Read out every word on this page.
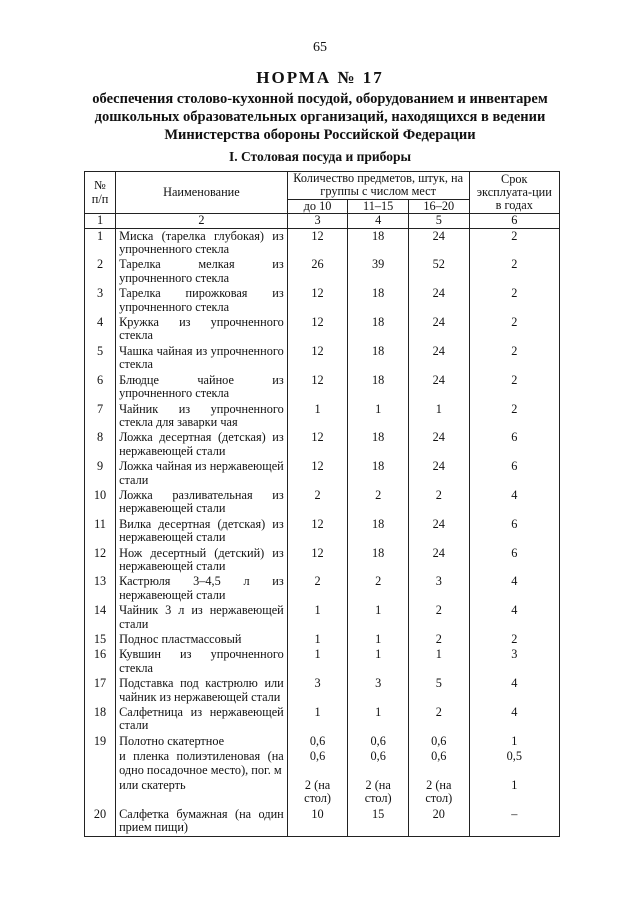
65
НОРМА № 17
обеспечения столово-кухонной посудой, оборудованием и инвентарем дошкольных образовательных организаций, находящихся в ведении Министерства обороны Российской Федерации
I. Столовая посуда и приборы
№ п/п	Наименование	Количество предметов, штук, на группы с числом мест			Срок эксплуата-ции в годах
		до 10	11–15	16–20	
1	2	3	4	5	6
1	Миска (тарелка глубокая) из упрочненного стекла	12	18	24	2
2	Тарелка мелкая из упрочненного стекла	26	39	52	2
3	Тарелка пирожковая из упрочненного стекла	12	18	24	2
4	Кружка из упрочненного стекла	12	18	24	2
5	Чашка чайная из упрочненного стекла	12	18	24	2
6	Блюдце чайное из упрочненного стекла	12	18	24	2
7	Чайник из упрочненного стекла для заварки чая	1	1	1	2
8	Ложка десертная (детская) из нержавеющей стали	12	18	24	6
9	Ложка чайная из нержавеющей стали	12	18	24	6
10	Ложка разливательная из нержавеющей стали	2	2	2	4
11	Вилка десертная (детская) из нержавеющей стали	12	18	24	6
12	Нож десертный (детский) из нержавеющей стали	12	18	24	6
13	Кастрюля 3–4,5 л из нержавеющей стали	2	2	3	4
14	Чайник 3 л из нержавеющей стали	1	1	2	4
15	Поднос пластмассовый	1	1	2	2
16	Кувшин из упрочненного стекла	1	1	1	3
17	Подставка под кастрюлю или чайник из нержавеющей стали	3	3	5	4
18	Салфетница из нержавеющей стали	1	1	2	4
19	Полотно скатертное	0,6	0,6	0,6	1
	и пленка полиэтиленовая (на одно посадочное место), пог. м	0,6	0,6	0,6	0,5
	или скатерть	2 (на стол)	2 (на стол)	2 (на стол)	1
20	Салфетка бумажная (на один прием пищи)	10	15	20	–
